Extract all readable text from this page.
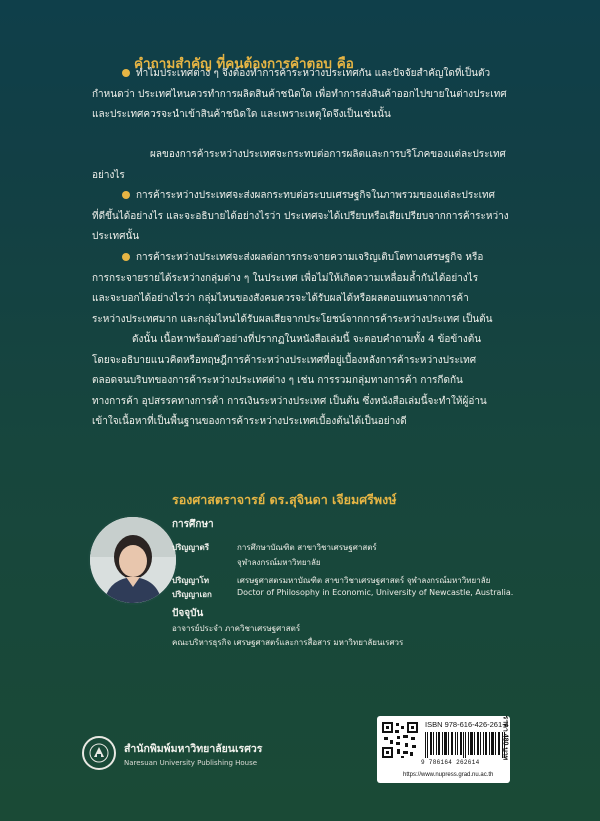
คำถามสำคัญ ที่คนต้องการคำตอบ คือ
ทำไมประเทศต่าง ๆ จึงต้องทำการค้าระหว่างประเทศกัน และปัจจัยสำคัญใดที่เป็นตัว
กำหนดว่า ประเทศไหนควรทำการผลิตสินค้าชนิดใด เพื่อทำการส่งสินค้าออกไปขายในต่างประเทศ
และประเทศควรจะนำเข้าสินค้าชนิดใด และเพราะเหตุใดจึงเป็นเช่นนั้น
ผลของการค้าระหว่างประเทศจะกระทบต่อการผลิตและการบริโภคของแต่ละประเทศ
อย่างไร
การค้าระหว่างประเทศจะส่งผลกระทบต่อระบบเศรษฐกิจในภาพรวมของแต่ละประเทศ
ที่ดีขึ้นได้อย่างไร และจะอธิบายได้อย่างไรว่า ประเทศจะได้เปรียบหรือเสียเปรียบจากการค้าระหว่าง
ประเทศนั้น
การค้าระหว่างประเทศจะส่งผลต่อการกระจายความเจริญเติบโตทางเศรษฐกิจ หรือ
การกระจายรายได้ระหว่างกลุ่มต่าง ๆ ในประเทศ เพื่อไม่ให้เกิดความเหลื่อมล้ำกันได้อย่างไร
และจะบอกได้อย่างไรว่า กลุ่มไหนของสังคมควรจะได้รับผลได้หรือผลตอบแทนจากการค้า
ระหว่างประเทศมาก และกลุ่มไหนได้รับผลเสียจากประโยชน์จากการค้าระหว่างประเทศ เป็นต้น
ดังนั้น เนื้อหาพร้อมตัวอย่างที่ปรากฏในหนังสือเล่มนี้ จะตอบคำถามทั้ง 4 ข้อข้างต้น
โดยจะอธิบายแนวคิดหรือทฤษฎีการค้าระหว่างประเทศที่อยู่เบื้องหลังการค้าระหว่างประเทศ
ตลอดจนบริบทของการค้าระหว่างประเทศต่าง ๆ เช่น การรวมกลุ่มทางการค้า การกีดกัน
ทางการค้า อุปสรรคทางการค้า การเงินระหว่างประเทศ เป็นต้น ซึ่งหนังสือเล่มนี้จะทำให้ผู้อ่าน
เข้าใจเนื้อหาที่เป็นพื้นฐานของการค้าระหว่างประเทศเบื้องต้นได้เป็นอย่างดี
รองศาสตราจารย์ ดร.สุจินดา เจียมศรีพงษ์
การศึกษา
ปริญญาตรี	การศึกษาบัณฑิต สาขาวิชาเศรษฐศาสตร์
จุฬาลงกรณ์มหาวิทยาลัย
ปริญญาโท	เศรษฐศาสตรมหาบัณฑิต สาขาวิชาเศรษฐศาสตร์ จุฬาลงกรณ์มหาวิทยาลัย
ปริญญาเอก	Doctor of Philosophy in Economic, University of Newcastle, Australia.
ปัจจุบัน
อาจารย์ประจำ ภาควิชาเศรษฐศาสตร์
คณะบริหารธุรกิจ เศรษฐศาสตร์และการสื่อสาร มหาวิทยาลัยนเรศวร
สำนักพิมพ์มหาวิทยาลัยนเรศวร
Naresuan University Publishing House
ISBN 978-616-426-261-4
9 786164 262614
https://www.nupress.grad.nu.ac.th
ราคา 480 บาท
